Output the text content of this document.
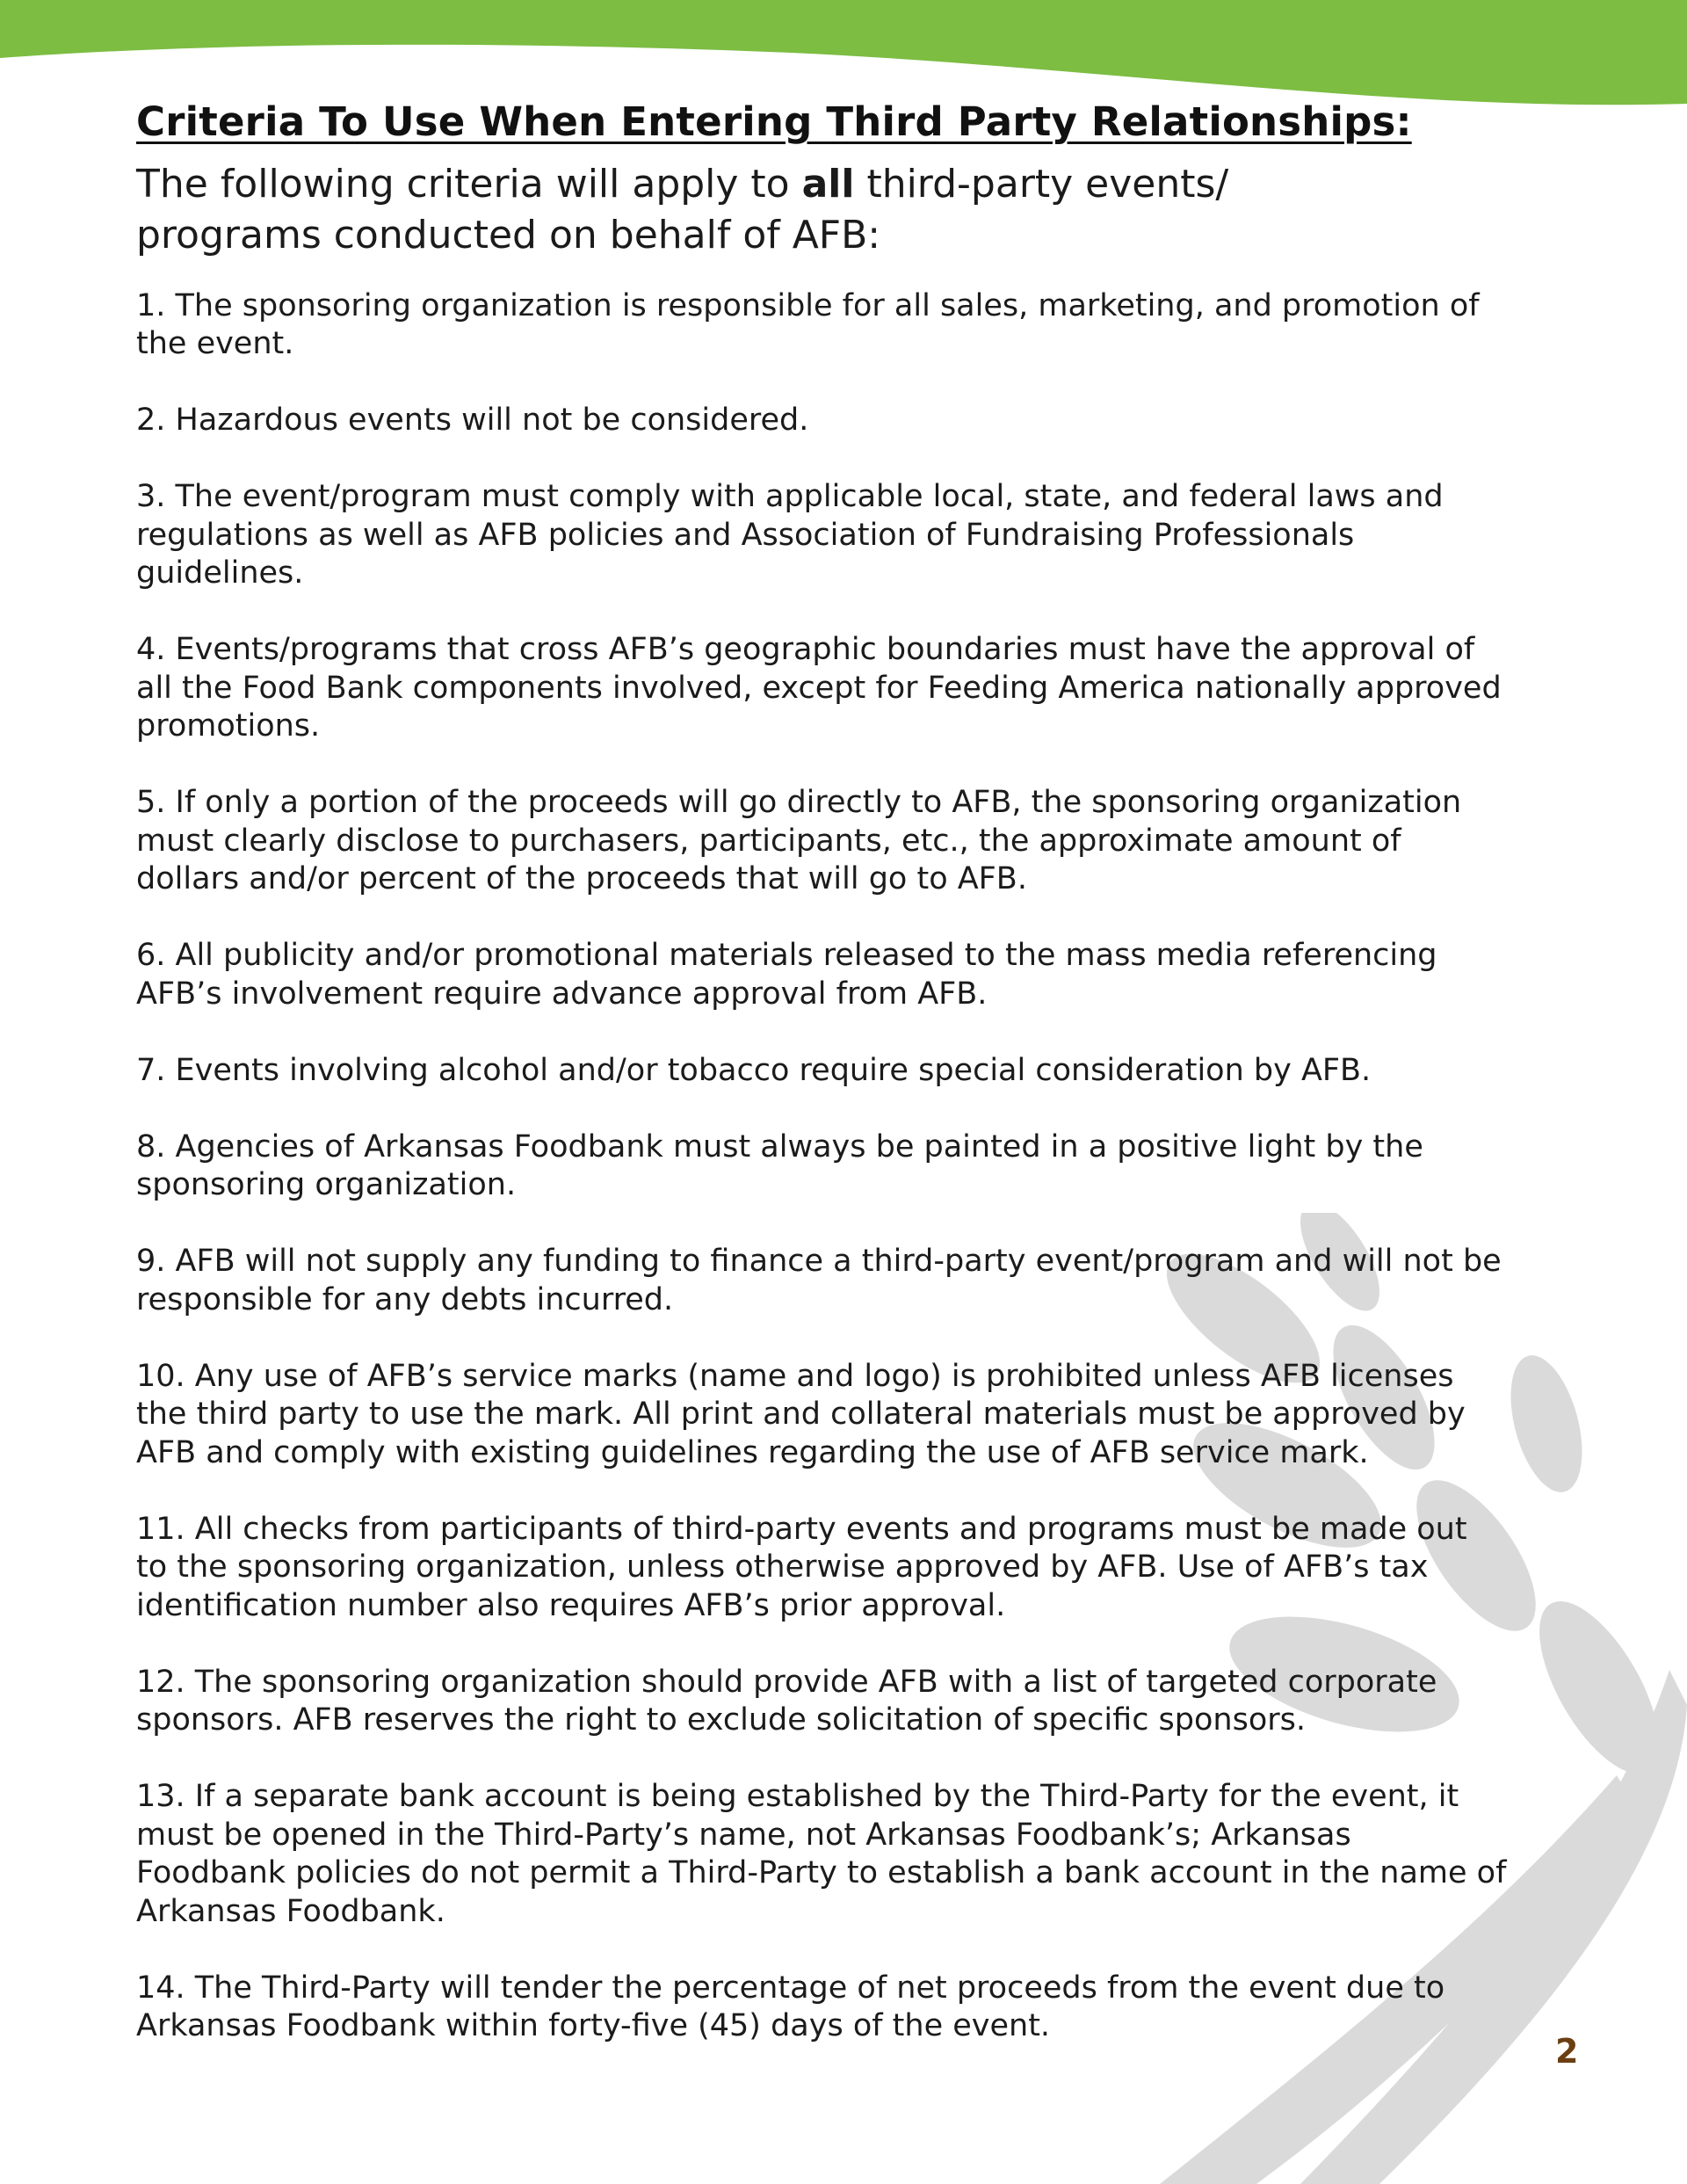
Criteria To Use When Entering Third Party Relationships:

The following criteria will apply to all third-party events/ programs conducted on behalf of AFB:

1. The sponsoring organization is responsible for all sales, marketing, and promotion of the event.
2. Hazardous events will not be considered.
3. The event/program must comply with applicable local, state, and federal laws and regulations as well as AFB policies and Association of Fundraising Professionals guidelines.
4. Events/programs that cross AFB’s geographic boundaries must have the approval of all the Food Bank components involved, except for Feeding America nationally approved promotions.
5. If only a portion of the proceeds will go directly to AFB, the sponsoring organization must clearly disclose to purchasers, participants, etc., the approximate amount of dollars and/or percent of the proceeds that will go to AFB.
6. All publicity and/or promotional materials released to the mass media referencing AFB’s involvement require advance approval from AFB.
7. Events involving alcohol and/or tobacco require special consideration by AFB.
8. Agencies of Arkansas Foodbank must always be painted in a positive light by the sponsoring organization.
9. AFB will not supply any funding to finance a third-party event/program and will not be responsible for any debts incurred.
10. Any use of AFB’s service marks (name and logo) is prohibited unless AFB licenses the third party to use the mark. All print and collateral materials must be approved by AFB and comply with existing guidelines regarding the use of AFB service mark.
11. All checks from participants of third-party events and programs must be made out to the sponsoring organization, unless otherwise approved by AFB. Use of AFB’s tax identification number also requires AFB’s prior approval.
12. The sponsoring organization should provide AFB with a list of targeted corporate sponsors. AFB reserves the right to exclude solicitation of specific sponsors.
13. If a separate bank account is being established by the Third-Party for the event, it must be opened in the Third-Party’s name, not Arkansas Foodbank’s; Arkansas Foodbank policies do not permit a Third-Party to establish a bank account in the name of Arkansas Foodbank.
14. The Third-Party will tender the percentage of net proceeds from the event due to Arkansas Foodbank within forty-five (45) days of the event.
2
